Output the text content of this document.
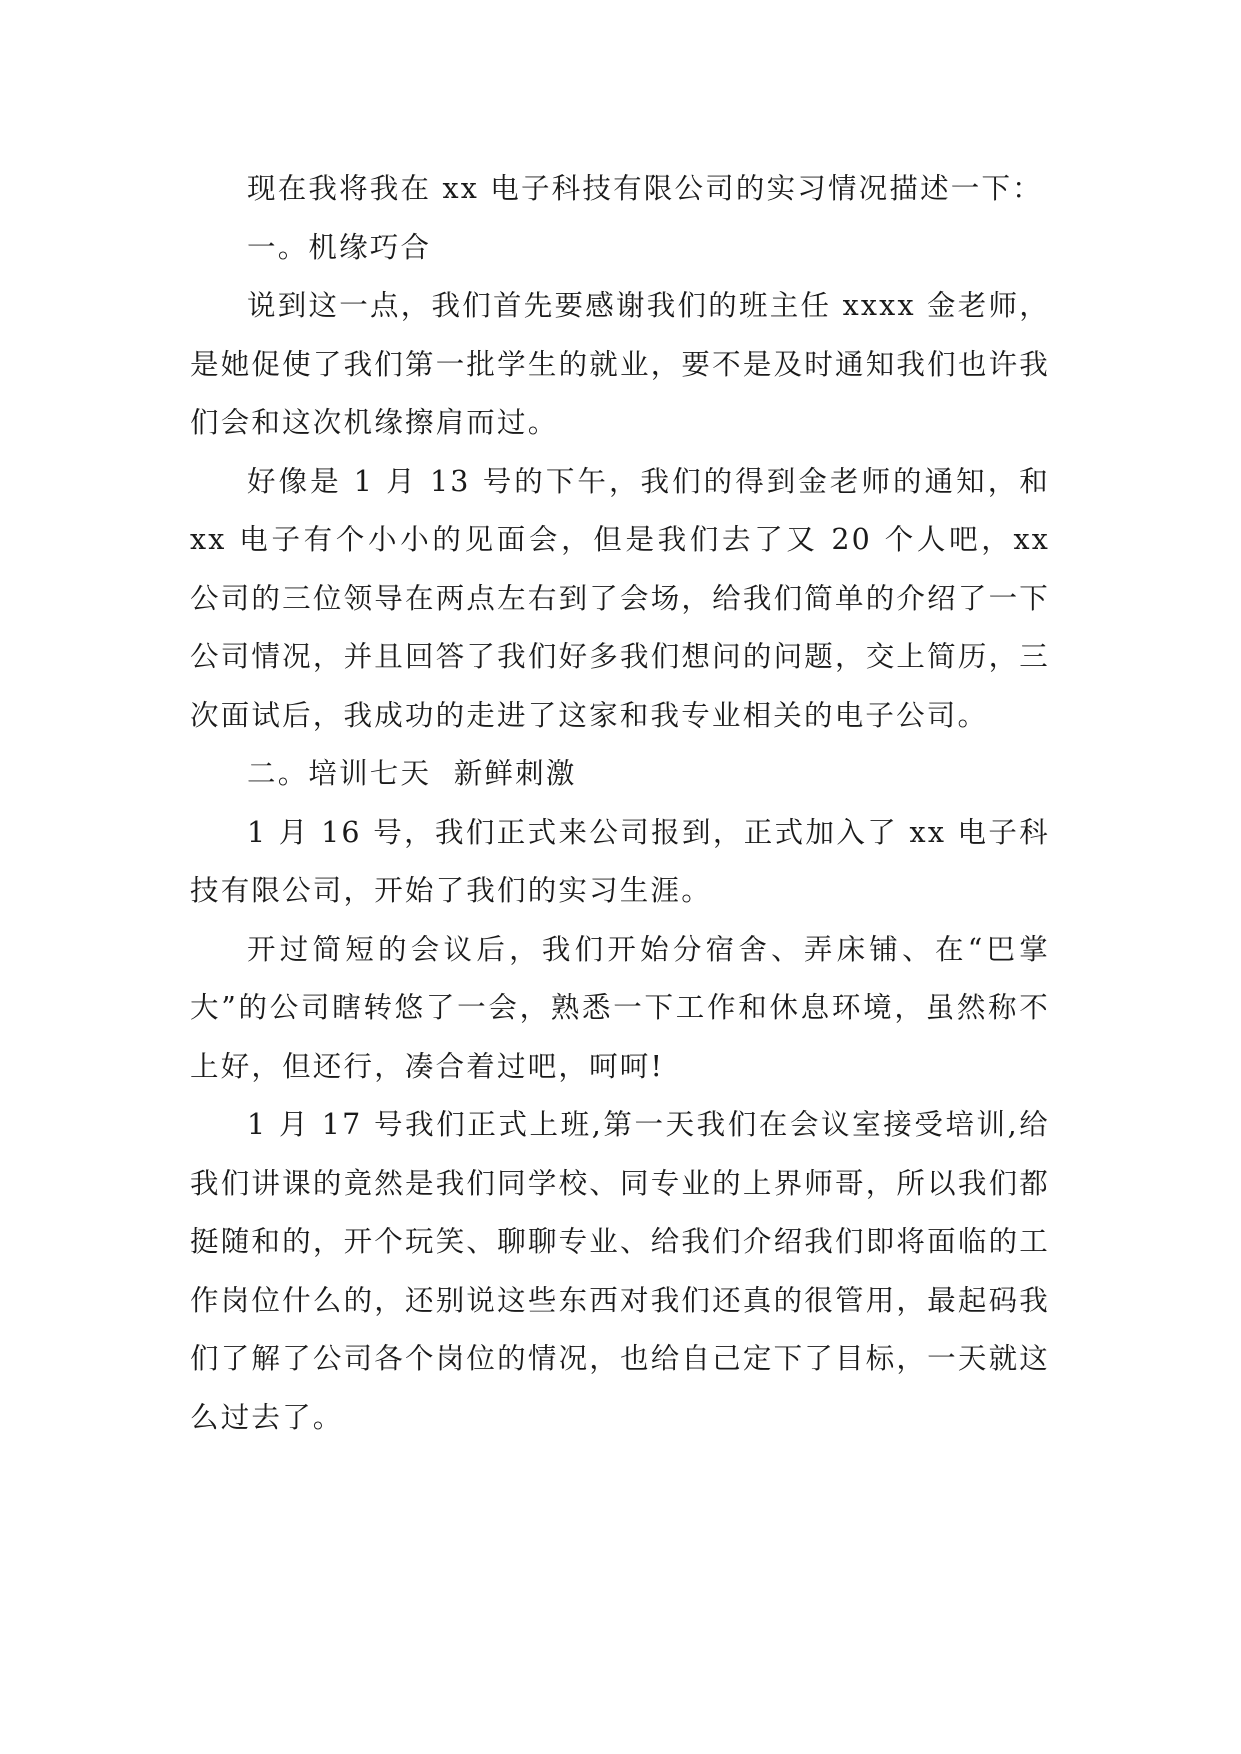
现在我将我在 xx 电子科技有限公司的实习情况描述一下：

一。机缘巧合

说到这一点，我们首先要感谢我们的班主任 xxxx 金老师，是她促使了我们第一批学生的就业，要不是及时通知我们也许我们会和这次机缘擦肩而过。

好像是 1 月 13 号的下午，我们的得到金老师的通知，和 xx 电子有个小小的见面会，但是我们去了又 20 个人吧，xx 公司的三位领导在两点左右到了会场，给我们简单的介绍了一下公司情况，并且回答了我们好多我们想问的问题，交上简历，三次面试后，我成功的走进了这家和我专业相关的电子公司。

二。培训七天  新鲜刺激

1 月 16 号，我们正式来公司报到，正式加入了 xx 电子科技有限公司，开始了我们的实习生涯。

开过简短的会议后，我们开始分宿舍、弄床铺、在“巴掌大”的公司瞎转悠了一会，熟悉一下工作和休息环境，虽然称不上好，但还行，凑合着过吧，呵呵!

1 月 17 号我们正式上班,第一天我们在会议室接受培训,给我们讲课的竟然是我们同学校、同专业的上界师哥，所以我们都挺随和的，开个玩笑、聊聊专业、给我们介绍我们即将面临的工作岗位什么的，还别说这些东西对我们还真的很管用，最起码我们了解了公司各个岗位的情况，也给自己定下了目标，一天就这么过去了。
